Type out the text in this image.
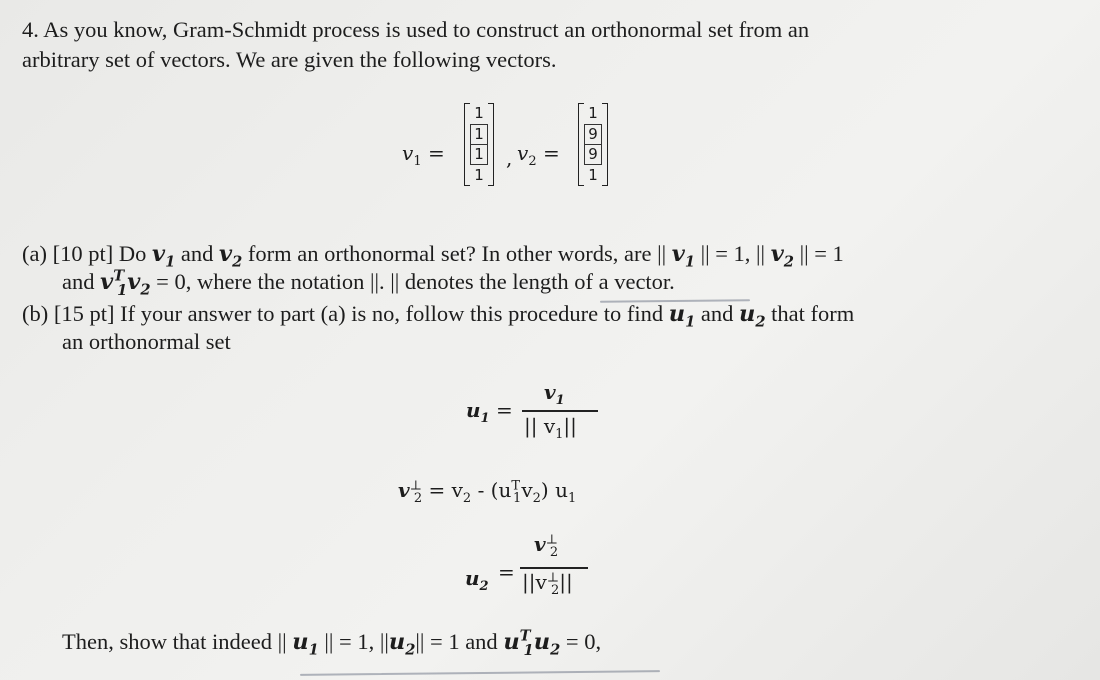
4. As you know, Gram-Schmidt process is used to construct an orthonormal set from an
arbitrary set of vectors. We are given the following vectors.
$v_1$ =
1
1
1
1
, $v_2$ =
1
9
9
1
(a) [10 pt] Do $v_1$ and $v_2$ form an orthonormal set? In other words, are || $v_1$ || = 1, || $v_2$ || = 1
and $v^T_1v_2 = 0$, where the notation ||. || denotes the length of a vector.
(b) [15 pt] If your answer to part (a) is no, follow this procedure to find $u_1$ and $u_2$ that form
an orthonormal set
$u_1$ =
$v_1$
|| $v_1||$
$v^\perp_2 = v_2 - (u^T_1v_2)$ $u_1$
$u_2$
=
$v^\perp_2$
$||v^\perp_2||$
Then, show that indeed || $u_1$ || = 1, $||u_2|| = 1$ and $u^T_1u_2 = 0$,
